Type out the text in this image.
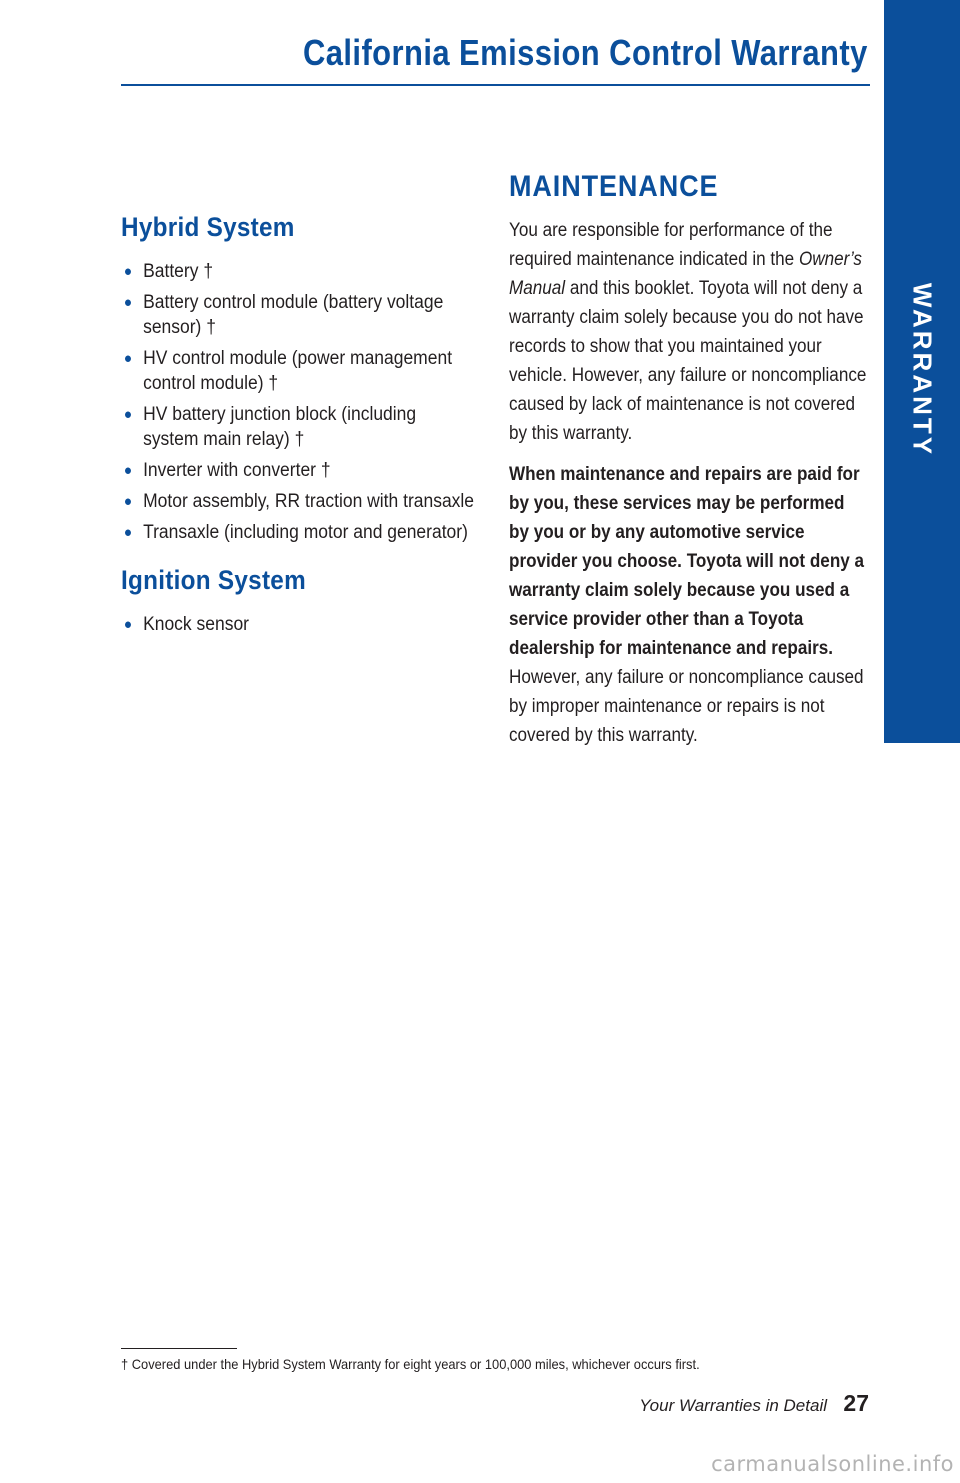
California Emission Control Warranty
WARRANTY
Hybrid System
● Battery †
● Battery control module (battery voltage sensor) †
● HV control module (power management control module) †
● HV battery junction block (including system main relay) †
● Inverter with converter †
● Motor assembly, RR traction with transaxle
● Transaxle (including motor and generator)
Ignition System
● Knock sensor
MAINTENANCE

You are responsible for performance of the required maintenance indicated in the Owner’s Manual and this booklet. Toyota will not deny a warranty claim solely because you do not have records to show that you maintained your vehicle. However, any failure or noncompliance caused by lack of maintenance is not covered by this warranty.

When maintenance and repairs are paid for by you, these services may be performed by you or by any automotive service provider you choose. Toyota will not deny a warranty claim solely because you used a service provider other than a Toyota dealership for maintenance and repairs. However, any failure or noncompliance caused by improper maintenance or repairs is not covered by this warranty.

† Covered under the Hybrid System Warranty for eight years or 100,000 miles, whichever occurs first.
Your Warranties in Detail 27
carmanualsonline.info
